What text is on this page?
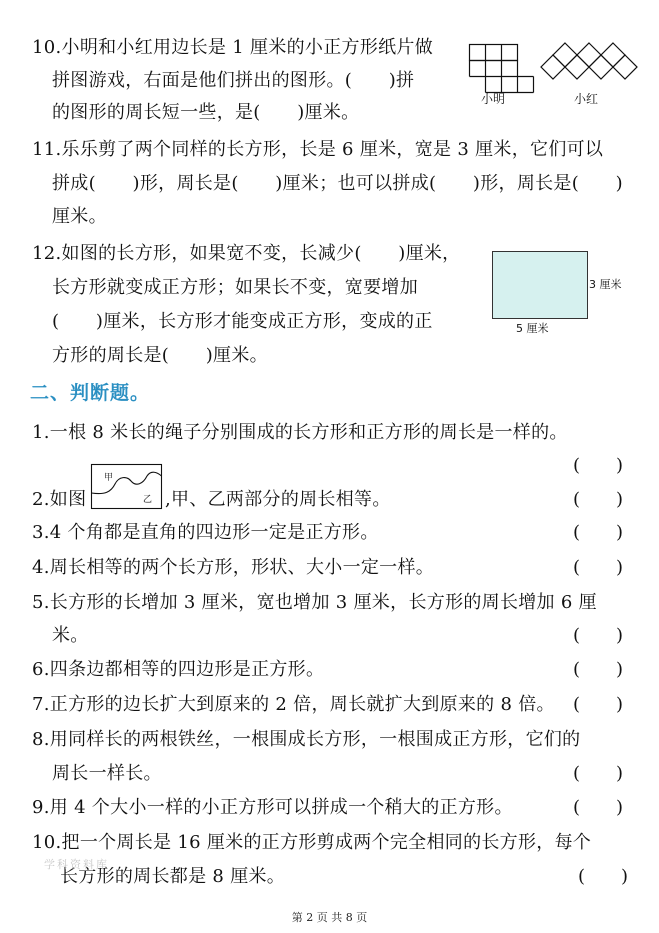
10.小明和小红用边长是 1 厘米的小正方形纸片做
拼图游戏，右面是他们拼出的图形。(　　)拼
的图形的周长短一些，是(　　)厘米。
小明	小红
11.乐乐剪了两个同样的长方形，长是 6 厘米，宽是 3 厘米，它们可以
拼成(　　)形，周长是(　　)厘米；也可以拼成(　　)形，周长是(　　)
厘米。
12.如图的长方形，如果宽不变，长减少(　　)厘米，
长方形就变成正方形；如果长不变，宽要增加
(　　)厘米，长方形才能变成正方形，变成的正
方形的周长是(　　)厘米。
3 厘米
5 厘米
二、判断题。
1.一根 8 米长的绳子分别围成的长方形和正方形的周长是一样的。
(　　)
2.如图
甲
乙 ,甲、乙两部分的周长相等。	(　　)
3.4 个角都是直角的四边形一定是正方形。	(　　)
4.周长相等的两个长方形，形状、大小一定一样。	(　　)
5.长方形的长增加 3 厘米，宽也增加 3 厘米，长方形的周长增加 6 厘
米。	(　　)
6.四条边都相等的四边形是正方形。	(　　)
7.正方形的边长扩大到原来的 2 倍，周长就扩大到原来的 8 倍。 (　　)
8.用同样长的两根铁丝，一根围成长方形，一根围成正方形，它们的
周长一样长。	(　　)
9.用 4 个大小一样的小正方形可以拼成一个稍大的正方形。	(　　)
10.把一个周长是 16 厘米的正方形剪成两个完全相同的长方形，每个
长方形的周长都是 8 厘米。	(　　)
学科资料库
第 2 页 共 8 页
